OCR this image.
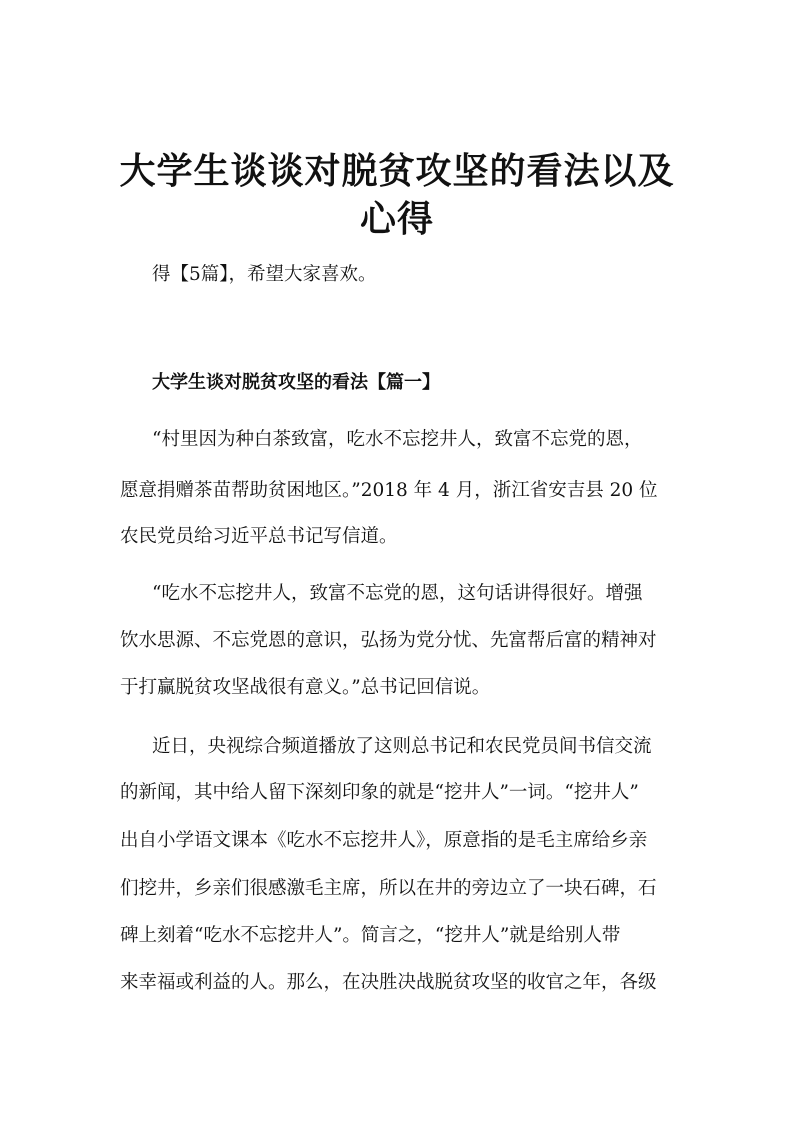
大学生谈谈对脱贫攻坚的看法以及
心得

得【5篇】，希望大家喜欢。

大学生谈对脱贫攻坚的看法【篇一】

“村里因为种白茶致富，吃水不忘挖井人，致富不忘党的恩，

愿意捐赠茶苗帮助贫困地区。”2018 年 4 月，浙江省安吉县 20 位

农民党员给习近平总书记写信道。

“吃水不忘挖井人，致富不忘党的恩，这句话讲得很好。增强

饮水思源、不忘党恩的意识，弘扬为党分忧、先富帮后富的精神对

于打赢脱贫攻坚战很有意义。”总书记回信说。

近日，央视综合频道播放了这则总书记和农民党员间书信交流

的新闻，其中给人留下深刻印象的就是“挖井人”一词。“挖井人”

出自小学语文课本《吃水不忘挖井人》，原意指的是毛主席给乡亲

们挖井，乡亲们很感激毛主席，所以在井的旁边立了一块石碑，石

碑上刻着“吃水不忘挖井人”。简言之，“挖井人”就是给别人带

来幸福或利益的人。那么，在决胜决战脱贫攻坚的收官之年，各级
